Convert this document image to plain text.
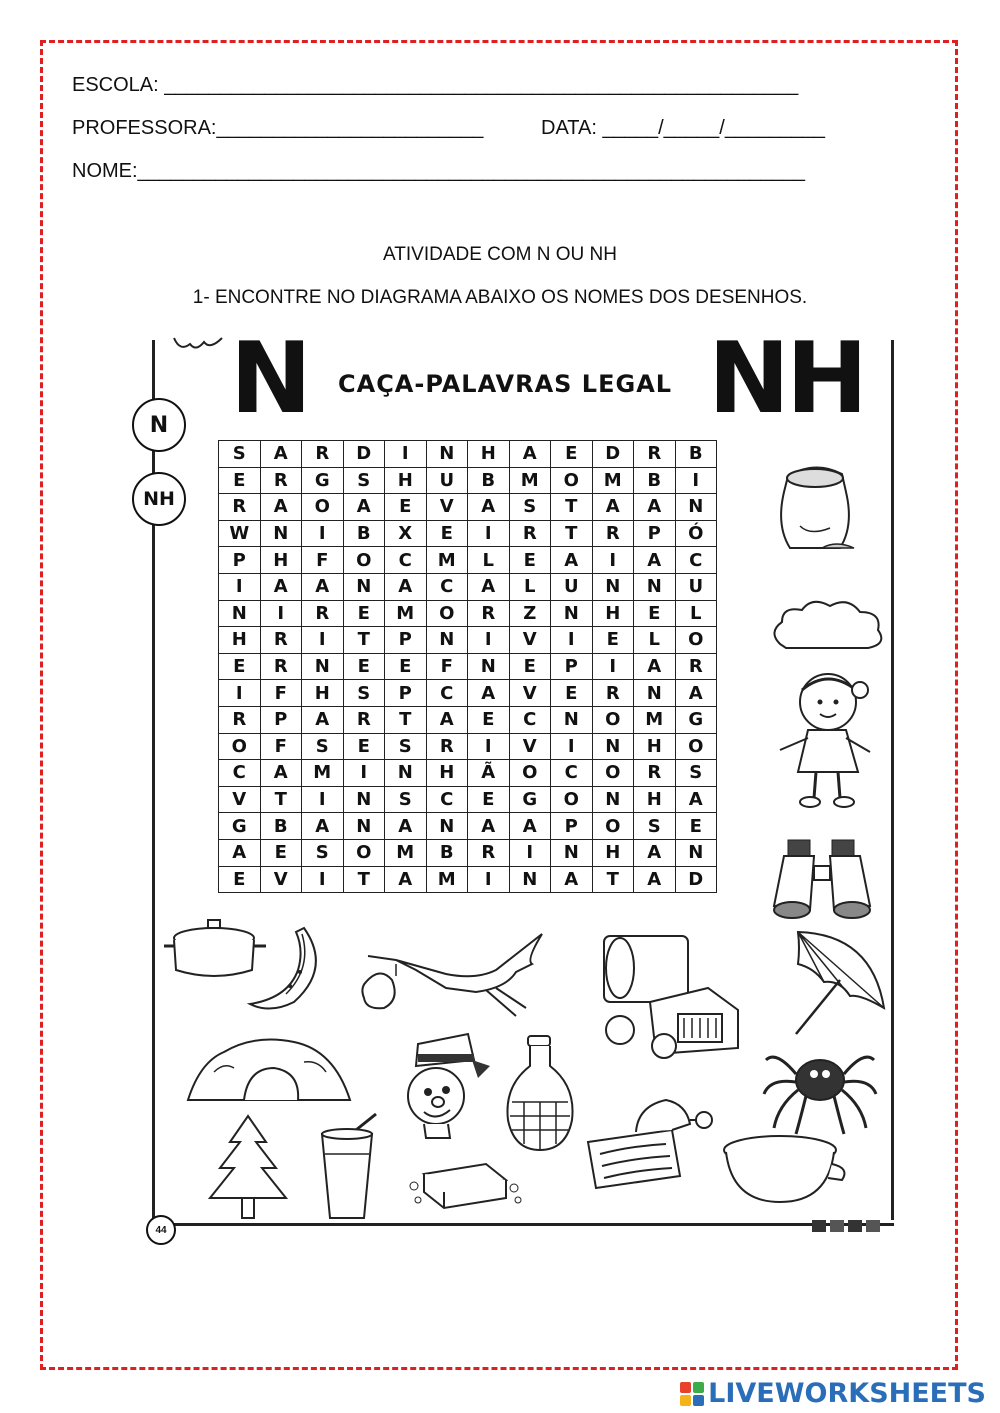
ESCOLA: _________________________________________________________
PROFESSORA:________________________	DATA: _____/_____/_________
NOME:____________________________________________________________
ATIVIDADE COM N OU NH
1- ENCONTRE NO DIAGRAMA ABAIXO OS NOMES DOS DESENHOS.
N	NH
CAÇA-PALAVRAS LEGAL
N
NH
S	A	R	D	I	N	H	A	E	D	R	B
E	R	G	S	H	U	B	M	O	M	B	I
R	A	O	A	E	V	A	S	T	A	A	N
W	N	I	B	X	E	I	R	T	R	P	Ó
P	H	F	O	C	M	L	E	A	I	A	C
I	A	A	N	A	C	A	L	U	N	N	U
N	I	R	E	M	O	R	Z	N	H	E	L
H	R	I	T	P	N	I	V	I	E	L	O
E	R	N	E	E	F	N	E	P	I	A	R
I	F	H	S	P	C	A	V	E	R	N	A
R	P	A	R	T	A	E	C	N	O	M	G
O	F	S	E	S	R	I	V	I	N	H	O
C	A	M	I	N	H	Ã	O	C	O	R	S
V	T	I	N	S	C	E	G	O	N	H	A
G	B	A	N	A	N	A	A	P	O	S	E
A	E	S	O	M	B	R	I	N	H	A	N
E	V	I	T	A	M	I	N	A	T	A	D
44
LIVEWORKSHEETS
